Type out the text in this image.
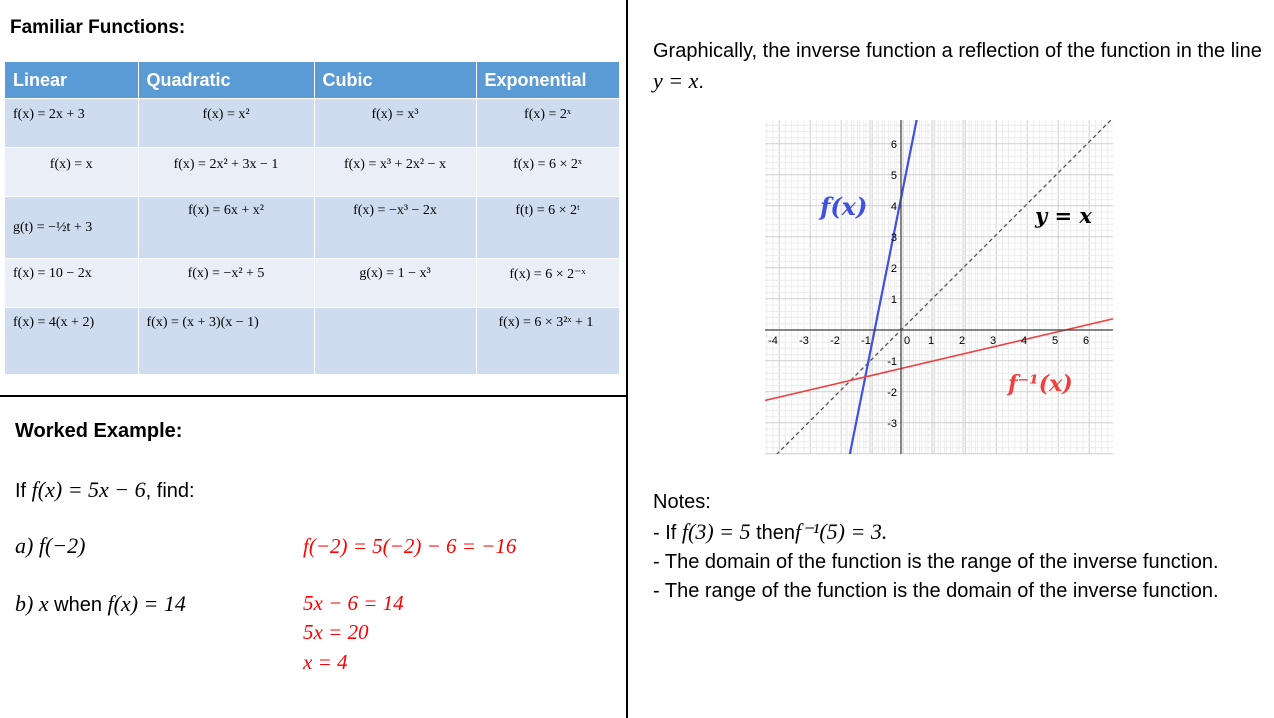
Familiar Functions:
Linear	Quadratic	Cubic	Exponential
f(x) = 2x + 3	f(x) = x²	f(x) = x³	f(x) = 2ˣ
f(x) = x	f(x) = 2x² + 3x − 1	f(x) = x³ + 2x² − x	f(x) = 6 × 2ˣ
g(t) = −½t + 3	f(x) = 6x + x²	f(x) = −x³ − 2x	f(t) = 6 × 2ᵗ
f(x) = 10 − 2x	f(x) = −x² + 5	g(x) = 1 − x³	f(x) = 6 × 2⁻ˣ
f(x) = 4(x + 2)	f(x) = (x + 3)(x − 1)		f(x) = 6 × 3²ˣ + 1
Worked Example:
If f(x) = 5x − 6, find:
a) f(−2)	f(−2) = 5(−2) − 6 = −16
b) x when f(x) = 14	5x − 6 = 14
5x = 20
x = 4
Graphically, the inverse function a reflection of the function in the line y = x.
-4 -3 -2 -1	0 1 2 3 4 5 6
6
5
4
3
2
1
-1
-2
-3
f(x)	y = x
f⁻¹(x)
Notes:
- If f(3) = 5 thenf⁻¹(5) = 3.
- The domain of the function is the range of the inverse function.
- The range of the function is the domain of the inverse function.
